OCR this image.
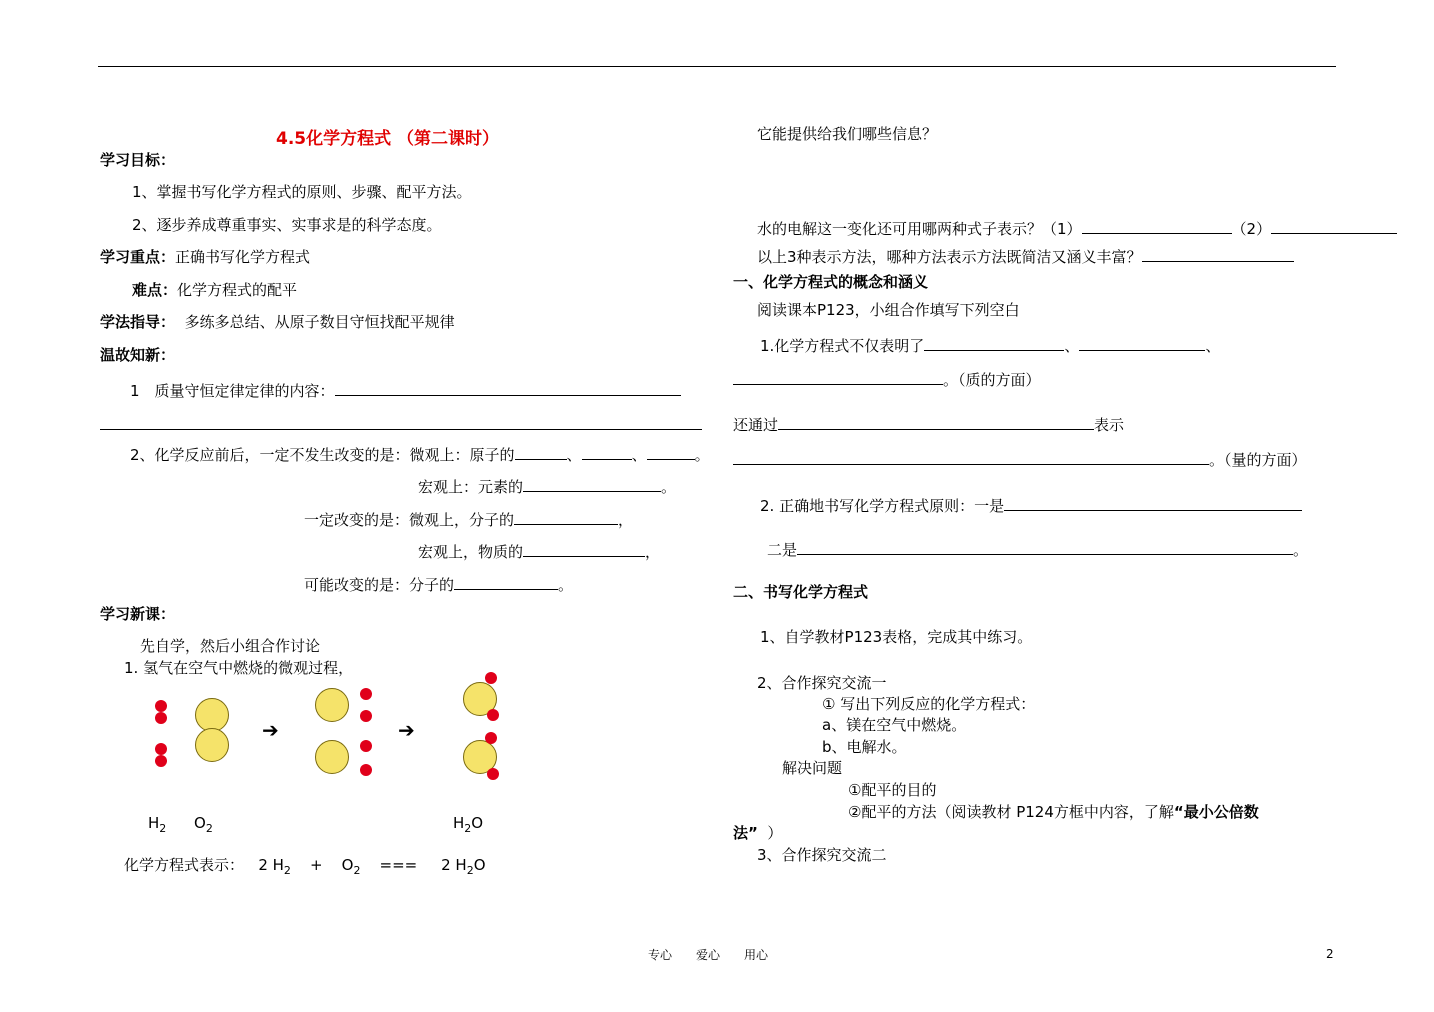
4.5化学方程式 （第二课时）
学习目标：
1、掌握书写化学方程式的原则、步骤、配平方法。
2、逐步养成尊重事实、实事求是的科学态度。
学习重点：正确书写化学方程式
难点：化学方程式的配平
学法指导： 多练多总结、从原子数目守恒找配平规律
温故知新：
1　质量守恒定律定律的内容：
2、化学反应前后，一定不发生改变的是：微观上：原子的	、	、	。
宏观上：元素的	。
一定改变的是：微观上，分子的	，
宏观上，物质的	，
可能改变的是：分子的	。
学习新课：
先自学，然后小组合作讨论
1. 氢气在空气中燃烧的微观过程，
➔	➔
$H_2$ $O_2$	$H_2O$
化学方程式表示： 2 $H_2 + O_2$ === 2 $H_2O$
它能提供给我们哪些信息？
水的电解这一变化还可用哪两种式子表示？（1）	（2）
以上3种表示方法，哪种方法表示方法既简洁又涵义丰富？
一、化学方程式的概念和涵义
阅读课本P123，小组合作填写下列空白
1.化学方程式不仅表明了	、	、
。（质的方面）
还通过	表示
。（量的方面）
2. 正确地书写化学方程式原则：一是
二是	。
二、书写化学方程式
1、自学教材P123表格，完成其中练习。
2、合作探究交流一
① 写出下列反应的化学方程式：
a、镁在空气中燃烧。
b、电解水。
解决问题
①配平的目的
②配平的方法（阅读教材 P124方框中内容，了解“最小公倍数
法” ）
3、合作探究交流二
专心　　爱心　　用心	2
